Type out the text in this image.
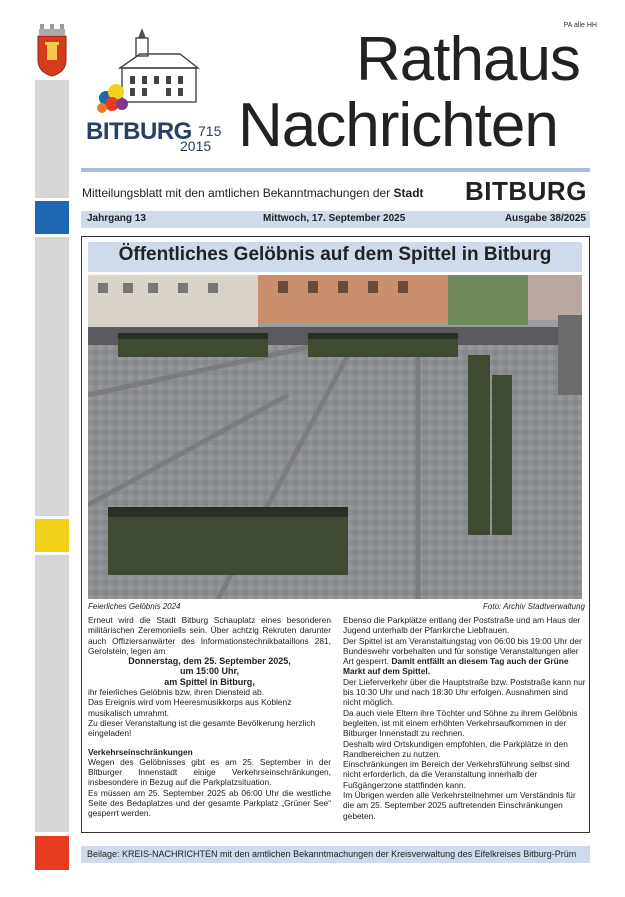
BITBURG 715
2015
PA alle HH
Rathaus
Nachrichten
Mitteilungsblatt mit den amtlichen Bekanntmachungen der Stadt BITBURG
Jahrgang 13	Mittwoch, 17. September 2025	Ausgabe 38/2025
Öffentliches Gelöbnis auf dem Spittel in Bitburg
Feierliches Gelöbnis 2024	Foto: Archiv Stadtverwaltung

Erneut wird die Stadt Bitburg Schauplatz eines besonderen militärischen Zeremoniells sein. Über achtzig Rekruten darunter auch Offiziersanwärter des Informationstechnikbataillons 281, Gerolstein, legen am

Donnerstag, dem 25. September 2025,

um 15:00 Uhr,

am Spittel in Bitburg,

ihr feierliches Gelöbnis bzw. ihren Diensteid ab.

Das Ereignis wird vom Heeresmusikkorps aus Koblenz musikalisch umrahmt.

Zu dieser Veranstaltung ist die gesamte Bevölkerung herzlich eingeladen!

Verkehrseinschränkungen

Wegen des Gelöbnisses gibt es am 25. September in der Bitburger Innenstadt einige Verkehrseinschränkungen, insbesondere in Bezug auf die Parkplatzsituation.

Es müssen am 25. September 2025 ab 06:00 Uhr die westliche Seite des Bedaplatzes und der gesamte Parkplatz „Grüner See“ gesperrt werden.

Ebenso die Parkplätze entlang der Poststraße und am Haus der Jugend unterhalb der Pfarrkirche Liebfrauen.

Der Spittel ist am Veranstaltungstag von 06:00 bis 19:00 Uhr der Bundeswehr vorbehalten und für sonstige Veranstaltungen aller Art gesperrt. Damit entfällt an diesem Tag auch der Grüne Markt auf dem Spittel.

Der Lieferverkehr über die Hauptstraße bzw. Poststraße kann nur bis 10:30 Uhr und nach 18:30 Uhr erfolgen. Ausnahmen sind nicht möglich.

Da auch viele Eltern ihre Töchter und Söhne zu ihrem Gelöbnis begleiten, ist mit einem erhöhten Verkehrsaufkommen in der Bitburger Innenstadt zu rechnen.

Deshalb wird Ortskundigen empfohlen, die Parkplätze in den Randbereichen zu nutzen.

Einschränkungen im Bereich der Verkehrsführung selbst sind nicht erforderlich, da die Veranstaltung innerhalb der Fußgängerzone stattfinden kann.

Im Übrigen werden alle Verkehrsteilnehmer um Verständnis für die am 25. September 2025 auftretenden Einschränkungen gebeten.

Beilage: KREIS-NACHRICHTEN mit den amtlichen Bekanntmachungen der Kreisverwaltung des Eifelkreises Bitburg-Prüm
